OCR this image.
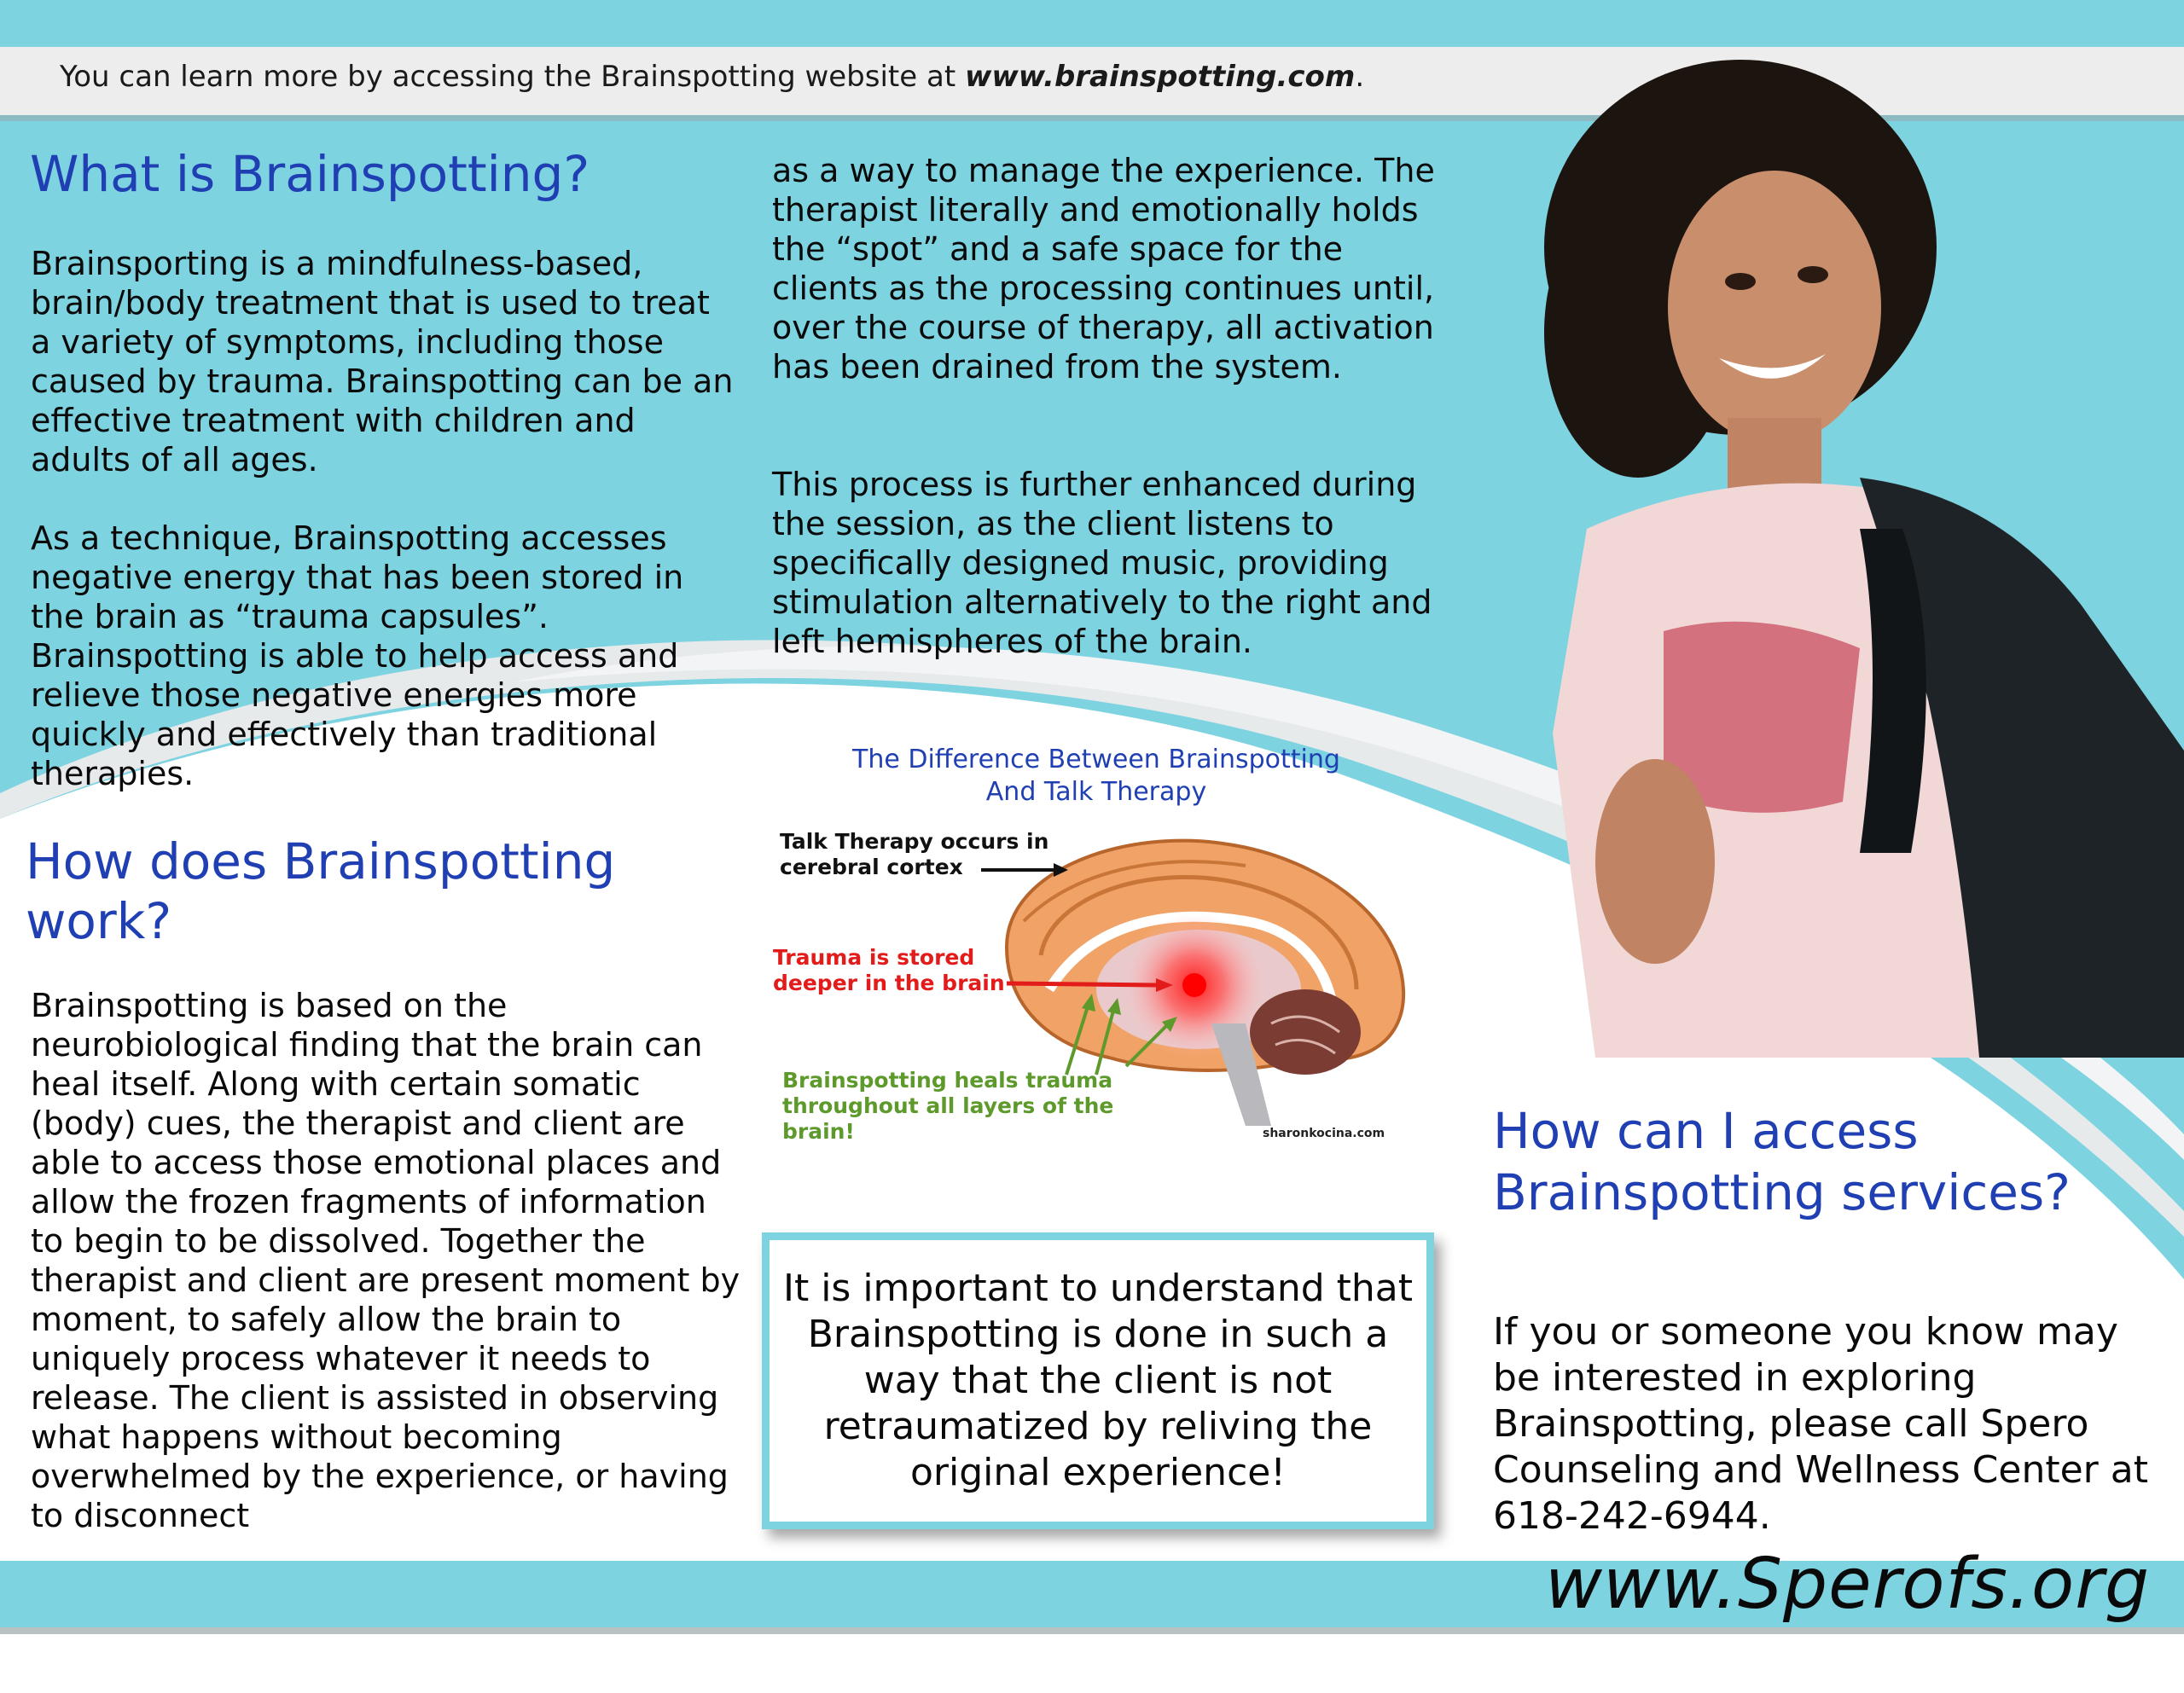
You can learn more by accessing the Brainspotting website at www.brainspotting.com.
What is Brainspotting?

Brainsporting is a mindfulness-based, brain/body treatment that is used to treat a variety of symptoms, including those caused by trauma. Brainspotting can be an effective treatment with children and adults of all ages.

As a technique, Brainspotting accesses negative energy that has been stored in the brain as “trauma capsules”. Brainspotting is able to help access and relieve those negative energies more quickly and effectively than traditional therapies.

How does Brainspotting work?

Brainspotting is based on the neurobiological finding that the brain can heal itself. Along with certain somatic (body) cues, the therapist and client are able to access those emotional places and allow the frozen fragments of information to begin to be dissolved. Together the therapist and client are present moment by moment, to safely allow the brain to uniquely process whatever it needs to release. The client is assisted in observing what happens without becoming overwhelmed by the experience, or having to disconnect

as a way to manage the experience. The therapist literally and emotionally holds the “spot” and a safe space for the clients as the processing continues until, over the course of therapy, all activation has been drained from the system.

This process is further enhanced during the session, as the client listens to specifically designed music, providing stimulation alternatively to the right and left hemispheres of the brain.

The Difference Between Brainspotting
And Talk Therapy
Talk Therapy occurs in
cerebral cortex
Trauma is stored
deeper in the brain
Brainspotting heals trauma
throughout all layers of the
brain!	sharonkocina.com
It is important to understand that Brainspotting is done in such a way that the client is not retraumatized by reliving the original experience!
How can I access Brainspotting services?

If you or someone you know may be interested in exploring Brainspotting, please call Spero Counseling and Wellness Center at 618-242-6944.

www.Sperofs.org
